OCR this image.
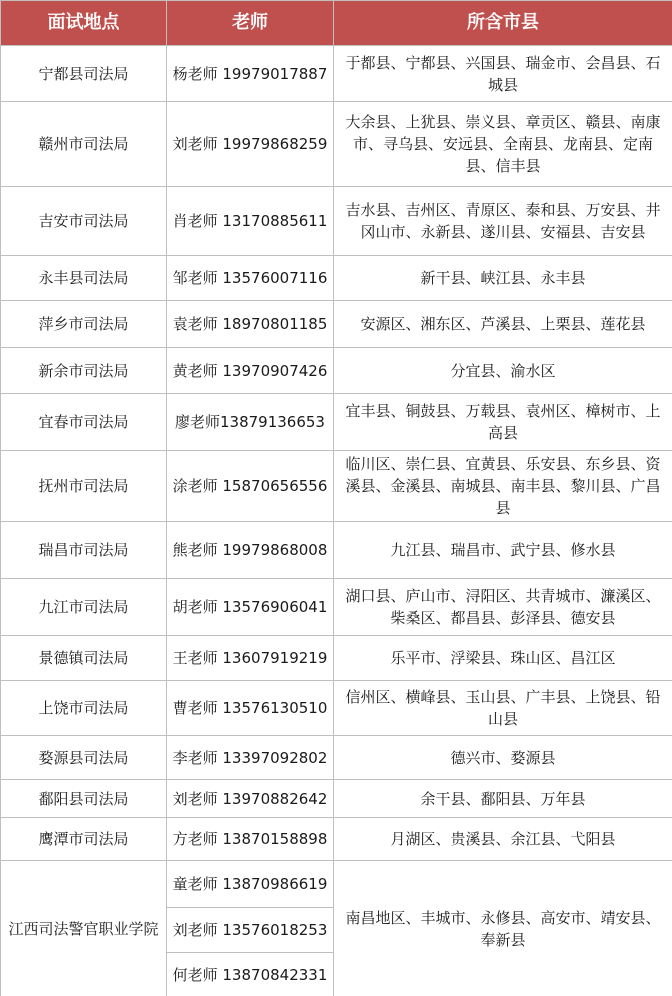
面试地点	老师	所含市县
宁都县司法局	杨老师 19979017887	于都县、宁都县、兴国县、瑞金市、会昌县、石城县
赣州市司法局	刘老师 19979868259	大余县、上犹县、崇义县、章贡区、赣县、南康市、寻乌县、安远县、全南县、龙南县、定南县、信丰县
吉安市司法局	肖老师 13170885611	吉水县、吉州区、青原区、泰和县、万安县、井冈山市、永新县、遂川县、安福县、吉安县
永丰县司法局	邹老师 13576007116	新干县、峡江县、永丰县
萍乡市司法局	袁老师 18970801185	安源区、湘东区、芦溪县、上栗县、莲花县
新余市司法局	黄老师 13970907426	分宜县、渝水区
宜春市司法局	廖老师13879136653	宜丰县、铜鼓县、万载县、袁州区、樟树市、上高县
抚州市司法局	涂老师 15870656556	临川区、崇仁县、宜黄县、乐安县、东乡县、资溪县、金溪县、南城县、南丰县、黎川县、广昌县
瑞昌市司法局	熊老师 19979868008	九江县、瑞昌市、武宁县、修水县
九江市司法局	胡老师 13576906041	湖口县、庐山市、浔阳区、共青城市、濂溪区、柴桑区、都昌县、彭泽县、德安县
景德镇司法局	王老师 13607919219	乐平市、浮梁县、珠山区、昌江区
上饶市司法局	曹老师 13576130510	信州区、横峰县、玉山县、广丰县、上饶县、铅山县
婺源县司法局	李老师 13397092802	德兴市、婺源县
鄱阳县司法局	刘老师 13970882642	余干县、鄱阳县、万年县
鹰潭市司法局	方老师 13870158898	月湖区、贵溪县、余江县、弋阳县
江西司法警官职业学院	童老师 13870986619	南昌地区、丰城市、永修县、高安市、靖安县、奉新县
	刘老师 13576018253	
	何老师 13870842331	
